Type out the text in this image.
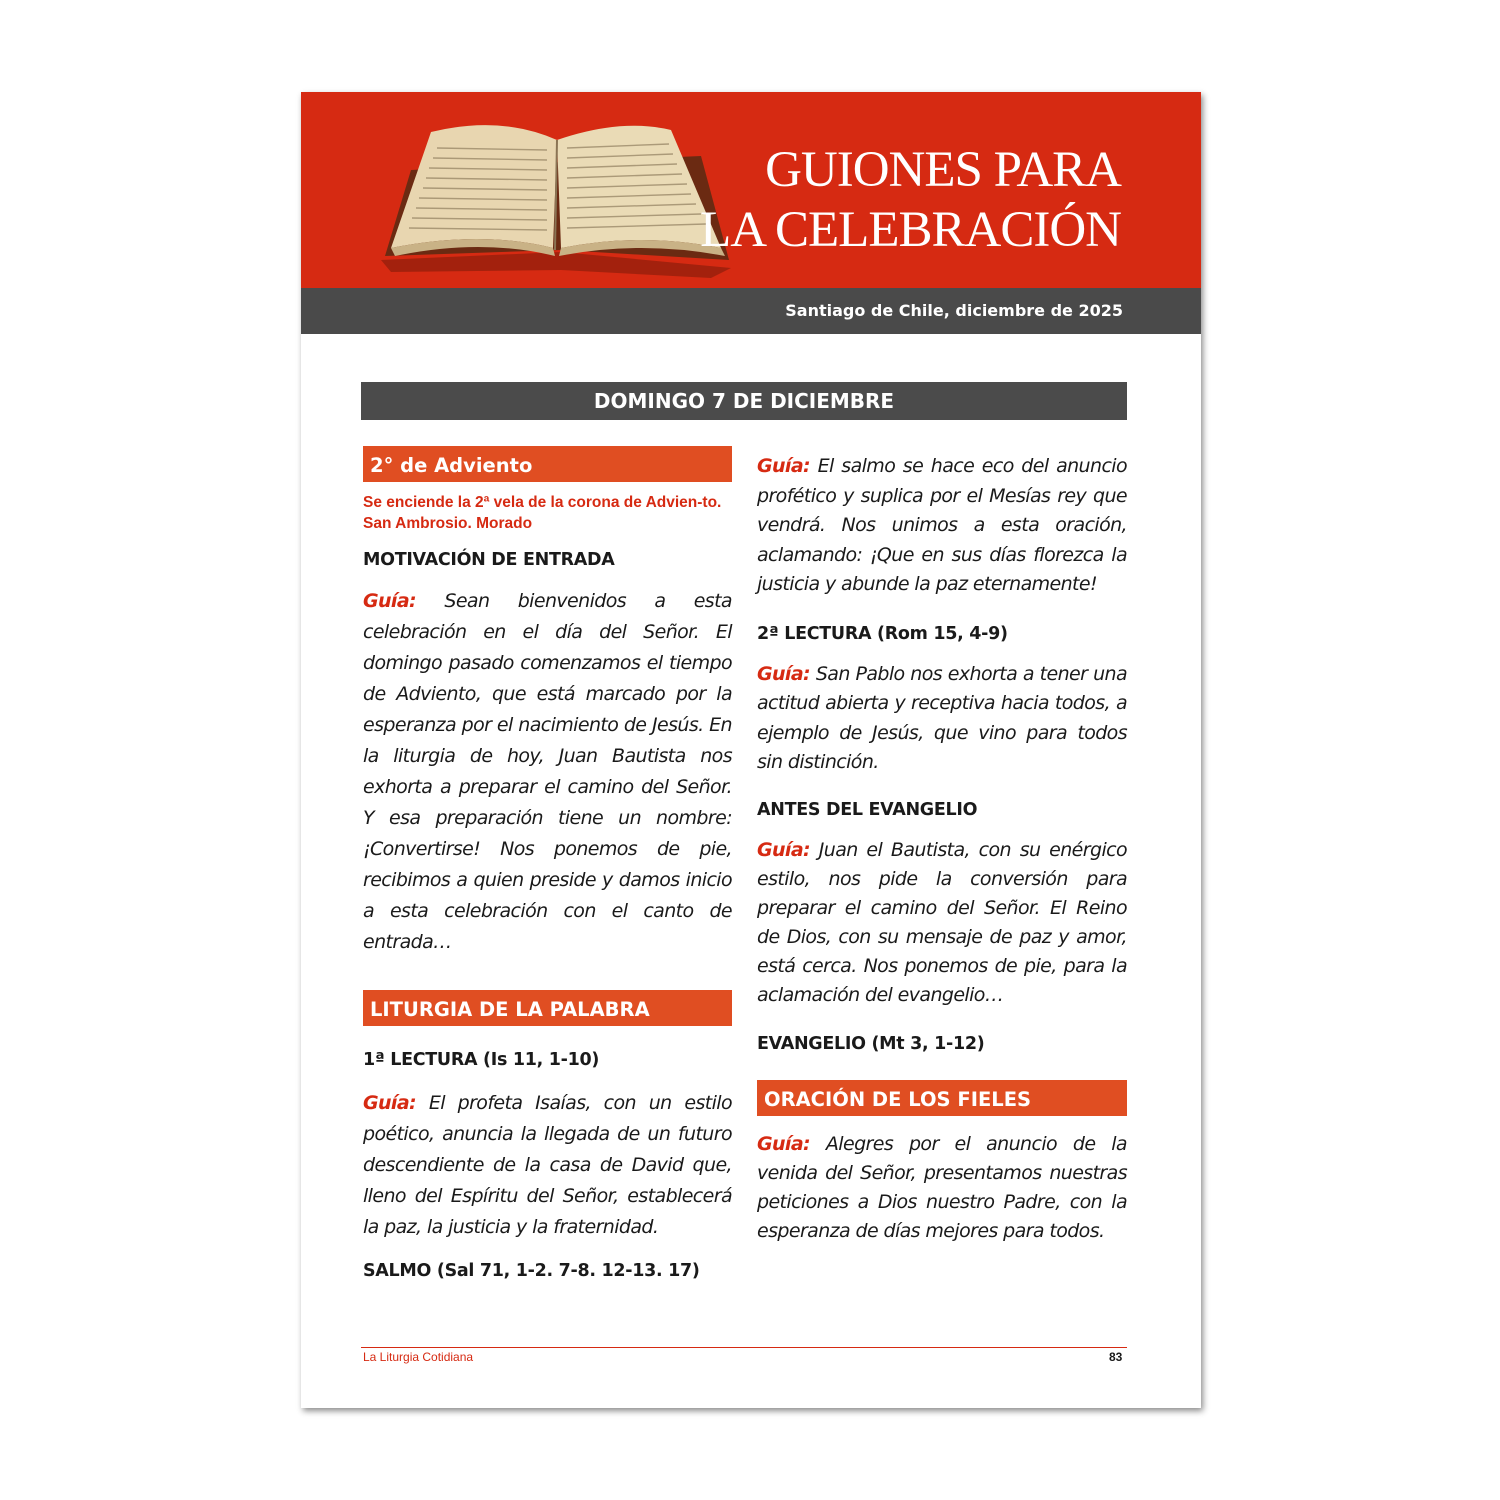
GUIONES PARA
LA CELEBRACIÓN
Santiago de Chile, diciembre de 2025
DOMINGO 7 DE DICIEMBRE
2° de Adviento
Se enciende la 2ª vela de la corona de Advien-to. San Ambrosio. Morado
MOTIVACIÓN DE ENTRADA
Guía: Sean bienvenidos a esta celebración en el día del Señor. El domingo pasado comenzamos el tiempo de Adviento, que está marcado por la esperanza por el nacimiento de Jesús. En la liturgia de hoy, Juan Bautista nos exhorta a preparar el camino del Señor. Y esa preparación tiene un nombre: ¡Convertirse! Nos ponemos de pie, recibimos a quien preside y damos inicio a esta celebración con el canto de entrada…
LITURGIA DE LA PALABRA
1ª LECTURA (Is 11, 1-10)
Guía: El profeta Isaías, con un estilo poético, anuncia la llegada de un futuro descendiente de la casa de David que, lleno del Espíritu del Señor, establecerá la paz, la justicia y la fraternidad.
SALMO (Sal 71, 1-2. 7-8. 12-13. 17)
Guía: El salmo se hace eco del anuncio profético y suplica por el Mesías rey que vendrá. Nos unimos a esta oración, aclamando: ¡Que en sus días florezca la justicia y abunde la paz eternamente!
2ª LECTURA (Rom 15, 4-9)
Guía: San Pablo nos exhorta a tener una actitud abierta y receptiva hacia todos, a ejemplo de Jesús, que vino para todos sin distinción.
ANTES DEL EVANGELIO
Guía: Juan el Bautista, con su enérgico estilo, nos pide la conversión para preparar el camino del Señor. El Reino de Dios, con su mensaje de paz y amor, está cerca. Nos ponemos de pie, para la aclamación del evangelio…
EVANGELIO (Mt 3, 1-12)
ORACIÓN DE LOS FIELES
Guía: Alegres por el anuncio de la venida del Señor, presentamos nuestras peticiones a Dios nuestro Padre, con la esperanza de días mejores para todos.
La Liturgia Cotidiana	83
